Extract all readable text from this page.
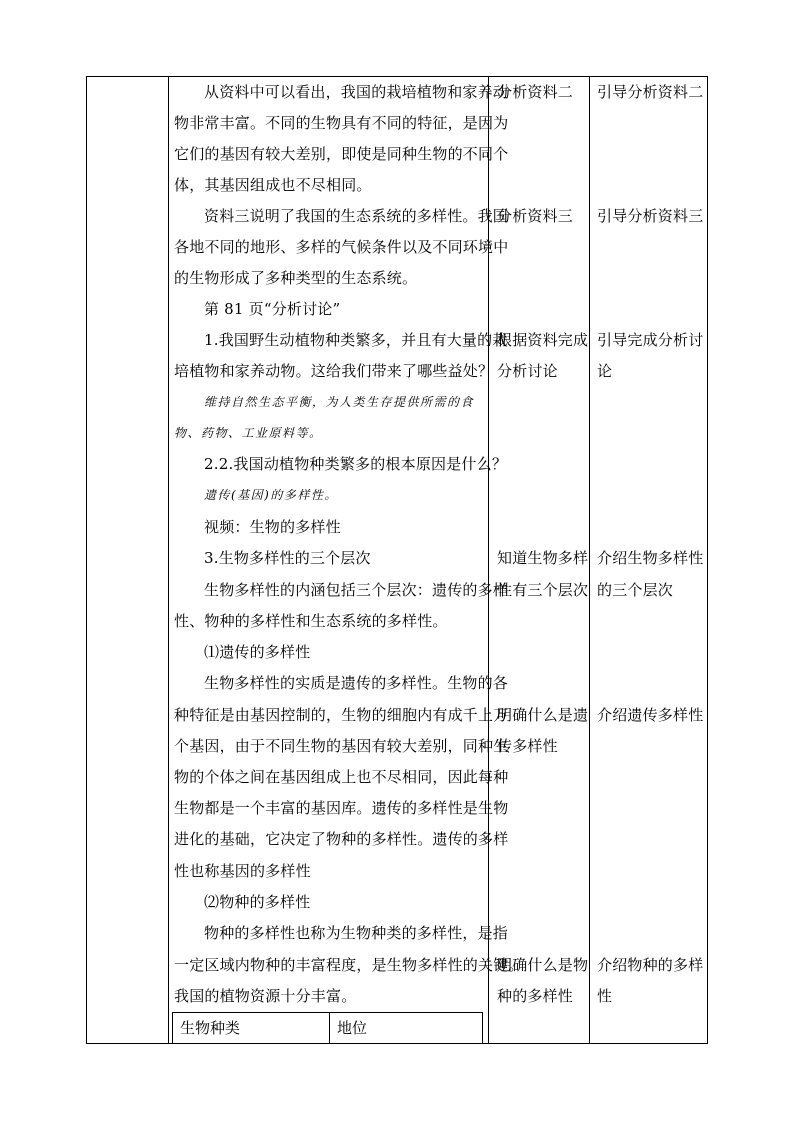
从资料中可以看出，我国的栽培植物和家养动
物非常丰富。不同的生物具有不同的特征，是因为
它们的基因有较大差别，即使是同种生物的不同个
体，其基因组成也不尽相同。
资料三说明了我国的生态系统的多样性。我国
各地不同的地形、多样的气候条件以及不同环境中
的生物形成了多种类型的生态系统。
第 81 页“分析讨论”
1.我国野生动植物种类繁多，并且有大量的栽
培植物和家养动物。这给我们带来了哪些益处？
维持自然生态平衡，为人类生存提供所需的食
物、药物、工业原料等。
2.2.我国动植物种类繁多的根本原因是什么？
遗传(基因)的多样性。
视频：生物的多样性
3.生物多样性的三个层次
生物多样性的内涵包括三个层次：遗传的多样
性、物种的多样性和生态系统的多样性。
⑴遗传的多样性
生物多样性的实质是遗传的多样性。生物的各
种特征是由基因控制的，生物的细胞内有成千上万
个基因，由于不同生物的基因有较大差别，同种生
物的个体之间在基因组成上也不尽相同，因此每种
生物都是一个丰富的基因库。遗传的多样性是生物
进化的基础，它决定了物种的多样性。遗传的多样
性也称基因的多样性
⑵物种的多样性
物种的多样性也称为生物种类的多样性，是指
一定区域内物种的丰富程度，是生物多样性的关键。
我国的植物资源十分丰富。
分析资料二
分析资料三
根据资料完成
分析讨论
知道生物多样
性有三个层次
明确什么是遗
传多样性
明确什么是物
种的多样性
引导分析资料二
引导分析资料三
引导完成分析讨
论
介绍生物多样性
的三个层次
介绍遗传多样性
介绍物种的多样
性
生物种类	地位
